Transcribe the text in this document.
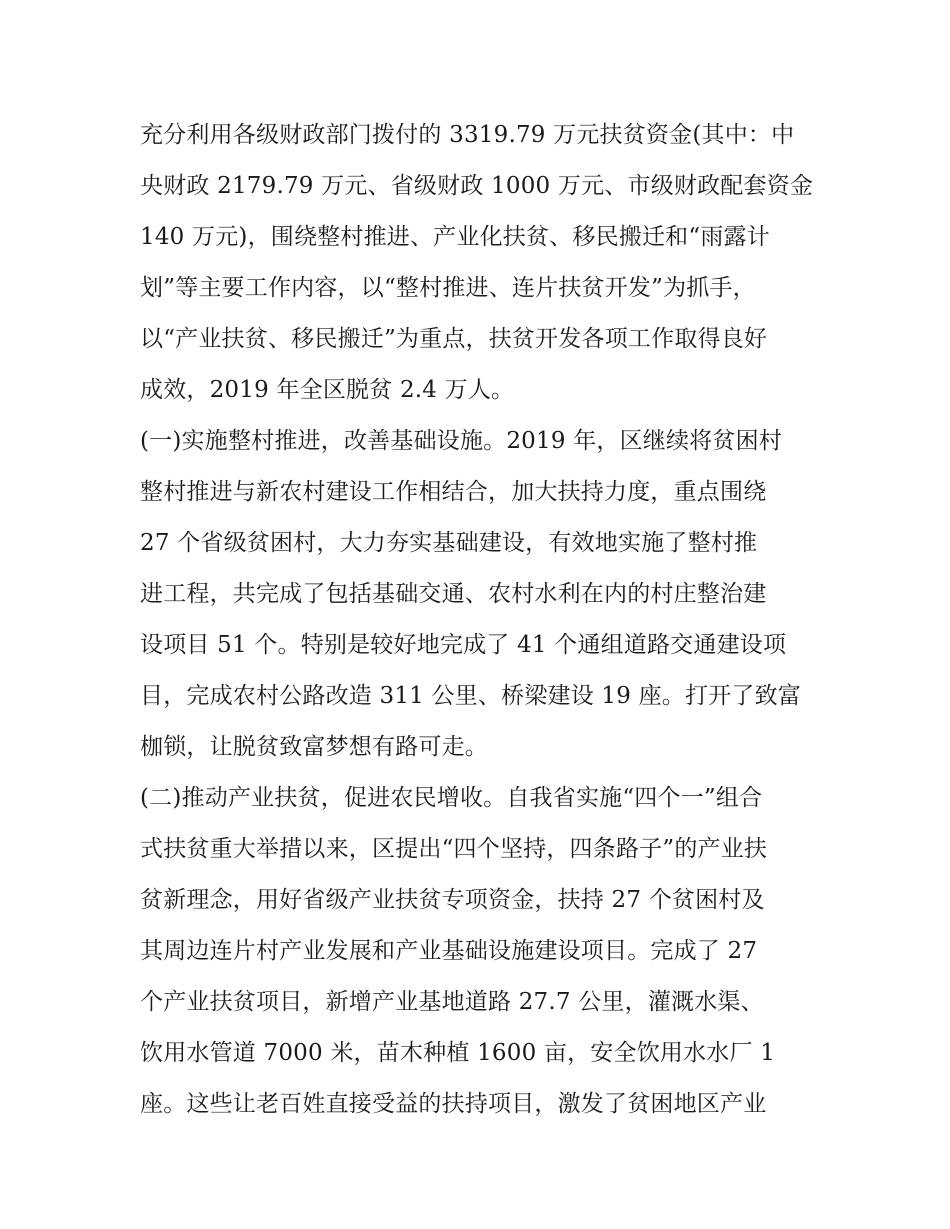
充分利用各级财政部门拨付的 3319.79 万元扶贫资金(其中：中
央财政 2179.79 万元、省级财政 1000 万元、市级财政配套资金
140 万元)，围绕整村推进、产业化扶贫、移民搬迁和“雨露计
划”等主要工作内容，以“整村推进、连片扶贫开发”为抓手，
以“产业扶贫、移民搬迁”为重点，扶贫开发各项工作取得良好
成效，2019 年全区脱贫 2.4 万人。
(一)实施整村推进，改善基础设施。2019 年，区继续将贫困村
整村推进与新农村建设工作相结合，加大扶持力度，重点围绕
27 个省级贫困村，大力夯实基础建设，有效地实施了整村推
进工程，共完成了包括基础交通、农村水利在内的村庄整治建
设项目 51 个。特别是较好地完成了 41 个通组道路交通建设项
目，完成农村公路改造 311 公里、桥梁建设 19 座。打开了致富
枷锁，让脱贫致富梦想有路可走。
(二)推动产业扶贫，促进农民增收。自我省实施“四个一”组合
式扶贫重大举措以来，区提出“四个坚持，四条路子”的产业扶
贫新理念，用好省级产业扶贫专项资金，扶持 27 个贫困村及
其周边连片村产业发展和产业基础设施建设项目。完成了 27
个产业扶贫项目，新增产业基地道路 27.7 公里，灌溉水渠、
饮用水管道 7000 米，苗木种植 1600 亩，安全饮用水水厂 1
座。这些让老百姓直接受益的扶持项目，激发了贫困地区产业
